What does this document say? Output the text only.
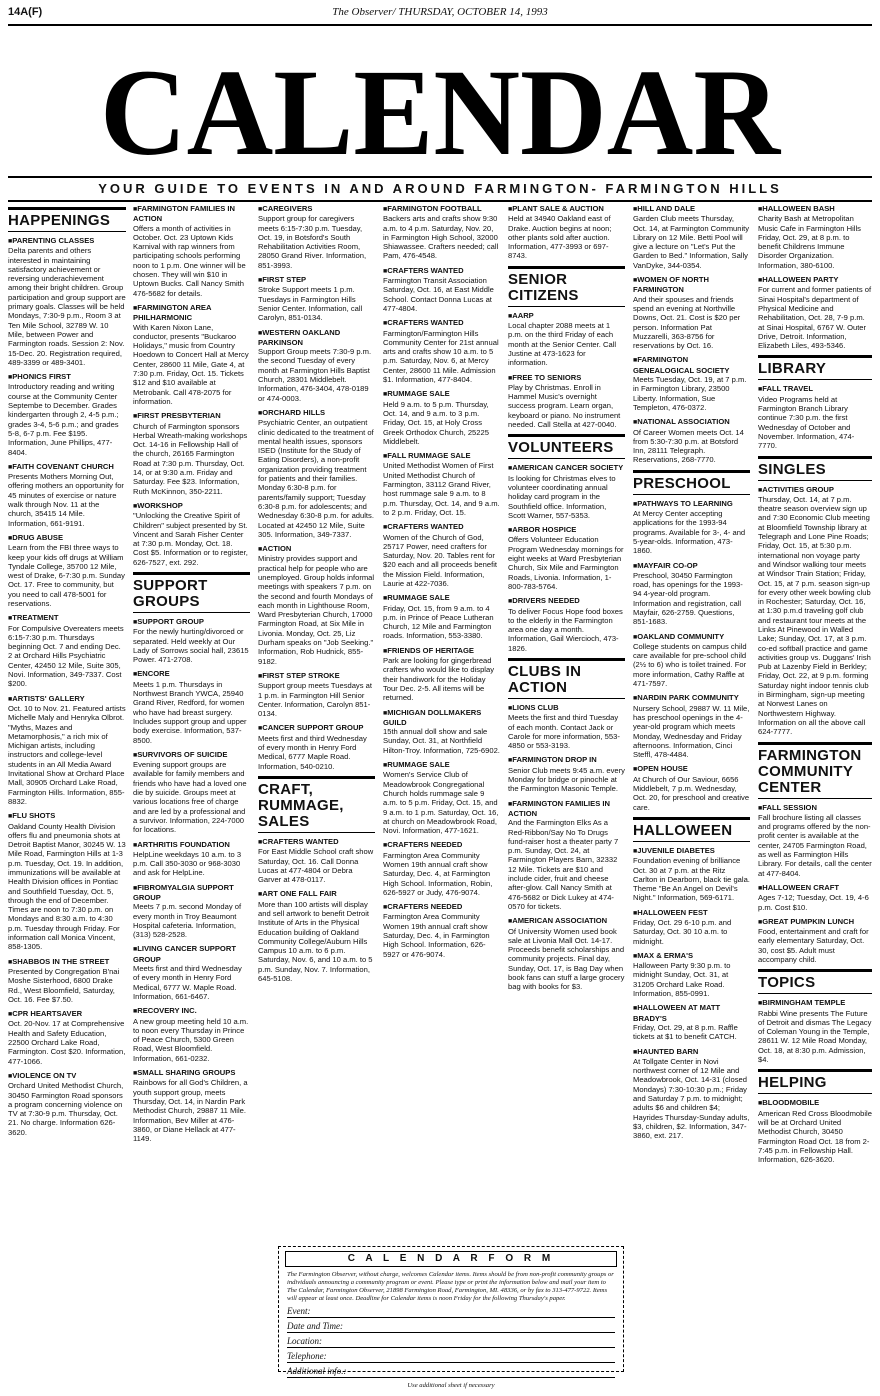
14A(F)	The Observer/ THURSDAY, OCTOBER 14, 1993
CALENDAR
YOUR GUIDE TO EVENTS IN AND AROUND FARMINGTON- FARMINGTON HILLS
HAPPENINGS
■ PARENTING CLASSES
Delta parents and others interested in maintaining satisfactory achievement or reversing underachievement among their bright children. Group participation and group support are primary goals. Classes will be held Mondays, 7:30-9 p.m., Room 3 at Ten Mile School, 32789 W. 10 Mile, between Power and Farmington roads. Session 2: Nov. 15-Dec. 20. Registration required, 489-3399 or 489-3401.
■ PHONICS FIRST
Introductory reading and writing course at the Community Center Septembe to December. Grades kindergarten through 2, 4-5 p.m.; grades 3-4, 5-6 p.m.; and grades 5-8, 6-7 p.m. Fee $195. Information, June Phillips, 477-8404.
■ FAITH COVENANT CHURCH
Presents Mothers Morning Out, offering mothers an opportunity for 45 minutes of exercise or nature walk through Nov. 11 at the church, 35415 14 Mile. Information, 661-9191.
■ DRUG ABUSE
Learn from the FBI three ways to keep your kids off drugs at William Tyndale College, 35700 12 Mile, west of Drake, 6-7:30 p.m. Sunday Oct. 17. Free to community, but you need to call 478-5001 for reservations.
■ TREATMENT
For Compulsive Overeaters meets 6:15-7:30 p.m. Thursdays beginning Oct. 7 and ending Dec. 2 at Orchard Hills Psychiatric Center, 42450 12 Mile, Suite 305, Novi. Information, 349-7337. Cost $200.
■ ARTISTS' GALLERY
Oct. 10 to Nov. 21. Featured artists Michelle Maly and Henryka Olbrot. "Myths, Mazes and Metamorphosis," a rich mix of Michigan artists, including instructors and college-level students in an All Media Award Invitational Show at Orchard Place Mall, 30905 Orchard Lake Road, Farmington Hills. Information, 855-8832.
■ FLU SHOTS
Oakland County Health Division offers flu and pneumonia shots at Detroit Baptist Manor, 30245 W. 13 Mile Road, Farmington Hills at 1-3 p.m. Tuesday, Oct. 19. In addition, immunizations will be available at Health Division offices in Pontiac and Southfield Tuesday, Oct. 5, through the end of December. Times are noon to 7:30 p.m. on Mondays and 8:30 a.m. to 4:30 p.m. Tuesday through Friday. For information call Monica Vincent, 858-1305.
■ SHABBOS IN THE STREET
Presented by Congregation B'nai Moshe Sisterhood, 6800 Drake Rd., West Bloomfield, Saturday, Oct. 16. Fee $7.50.
■ CPR HEARTSAVER
Oct. 20-Nov. 17 at Comprehensive Health and Safety Education, 22500 Orchard Lake Road, Farmington. Cost $20. Information, 477-1066.
■ VIOLENCE ON TV
Orchard United Methodist Church, 30450 Farmington Road sponsors a program concerning violence on TV at 7:30-9 p.m. Thursday, Oct. 21. No charge. Information 626-3620.
■ FARMINGTON FAMILIES IN ACTION
Offers a month of activities in October. Oct. 23 Uptown Kids Karnival with rap winners from participating schools performing noon to 1 p.m. One winner will be chosen. They will win $10 in Uptown Bucks. Call Nancy Smith 476-5682 for details.
■ FARMINGTON AREA PHILHARMONIC
With Karen Nixon Lane, conductor, presents "Buckaroo Holidays," music from Country Hoedown to Concert Hall at Mercy Center, 28600 11 Mile, Gate 4, at 7:30 p.m. Friday, Oct. 15. Tickets $12 and $10 available at Metrobank. Call 478-2075 for information.
■ FIRST PRESBYTERIAN
Church of Farmington sponsors Herbal Wreath-making workshops Oct. 14-16 in Fellowship Hall of the church, 26165 Farmington Road at 7:30 p.m. Thursday, Oct. 14, or at 9:30 a.m. Friday and Saturday. Fee $23. Information, Ruth McKinnon, 350-2211.
■ WORKSHOP
"Unlocking the Creative Spirit of Children" subject presented by St. Vincent and Sarah Fisher Center at 7:30 p.m. Monday, Oct. 18. Cost $5. Information or to register, 626-7527, ext. 292.
SUPPORT GROUPS
■ SUPPORT GROUP
For the newly hurting/divorced or separated. Held weekly at Our Lady of Sorrows social hall, 23615 Power. 471-2708.
■ ENCORE
Meets 1 p.m. Thursdays in Northwest Branch YWCA, 25940 Grand River, Redford, for women who have had breast surgery. Includes support group and upper body exercise. Information, 537-8500.
■ SURVIVORS OF SUICIDE
Evening support groups are available for family members and friends who have had a loved one die by suicide. Groups meet at various locations free of charge and are led by a professional and a survivor. Information, 224-7000 for locations.
■ ARTHRITIS FOUNDATION
HelpLine weekdays 10 a.m. to 3 p.m. Call 350-3030 or 968-3030 and ask for HelpLine.
■ FIBROMYALGIA SUPPORT GROUP
Meets 7 p.m. second Monday of every month in Troy Beaumont Hospital cafeteria. Information, (313) 528-2528.
■ LIVING CANCER SUPPORT GROUP
Meets first and third Wednesday of every month in Henry Ford Medical, 6777 W. Maple Road. Information, 661-6467.
■ RECOVERY INC.
A new group meeting held 10 a.m. to noon every Thursday in Prince of Peace Church, 5300 Green Road, West Bloomfield. Information, 661-0232.
■ SMALL SHARING GROUPS
Rainbows for all God's Children, a youth support group, meets Thursday, Oct. 14, in Nardin Park Methodist Church, 29887 11 Mile. Information, Bev Miller at 476-3860, or Diane Hellack at 477-1149.
■ CAREGIVERS
Support group for caregivers meets 6:15-7:30 p.m. Tuesday, Oct. 19, in Botsford's South Rehabilitation Activities Room, 28050 Grand River. Information, 851-3993.
■ FIRST STEP
Stroke Support meets 1 p.m. Tuesdays in Farmington Hills Senior Center. Information, call Carolyn, 851-0134.
■ WESTERN OAKLAND PARKINSON
Support Group meets 7:30-9 p.m. the second Tuesday of every month at Farmington Hills Baptist Church, 28301 Middlebelt. Information, 476-3404, 478-0189 or 474-0003.
■ ORCHARD HILLS
Psychiatric Center, an outpatient clinic dedicated to the treatment of mental health issues, sponsors ISED (Institute for the Study of Eating Disorders), a non-profit organization providing treatment for patients and their families. Monday 6:30-8 p.m. for parents/family support; Tuesday 6:30-8 p.m. for adolescents; and Wednesday 6:30-8 p.m. for adults. Located at 42450 12 Mile, Suite 305. Information, 349-7337.
■ ACTION
Ministry provides support and practical help for people who are unemployed. Group holds informal meetings with speakers 7 p.m. on the second and fourth Mondays of each month in Lighthouse Room, Ward Presbyterian Church, 17000 Farmington Road, at Six Mile in Livonia. Monday, Oct. 25, Liz Durham speaks on "Job Seeking." Information, Rob Hudnick, 855-9182.
■ FIRST STEP STROKE
Support group meets Tuesdays at 1 p.m. in Farmington Hill Senior Center. Information, Carolyn 851-0134.
■ CANCER SUPPORT GROUP
Meets first and third Wednesday of every month in Henry Ford Medical, 6777 Maple Road. Information, 540-0210.
CRAFT, RUMMAGE, SALES
■ CRAFTERS WANTED
For East Middle School craft show Saturday, Oct. 16. Call Donna Lucas at 477-4804 or Debra Garver at 478-0117.
■ ART ONE FALL FAIR
More than 100 artists will display and sell artwork to benefit Detroit Institute of Arts in the Physical Education building of Oakland Community College/Auburn Hills Campus 10 a.m. to 6 p.m. Saturday, Nov. 6, and 10 a.m. to 5 p.m. Sunday, Nov. 7. Information, 645-5108.
■ FARMINGTON FOOTBALL
Backers arts and crafts show 9:30 a.m. to 4 p.m. Saturday, Nov. 20, in Farmington High School, 32000 Shiawassee. Crafters needed; call Pam, 476-4548.
■ CRAFTERS WANTED
Farmington Transit Association Saturday, Oct. 16, at East Middle School. Contact Donna Lucas at 477-4804.
■ CRAFTERS WANTED
Farmington/Farmington Hills Community Center for 21st annual arts and crafts show 10 a.m. to 5 p.m. Saturday, Nov. 6, at Mercy Center, 28600 11 Mile. Admission $1. Information, 477-8404.
■ RUMMAGE SALE
Held 9 a.m. to 5 p.m. Thursday, Oct. 14, and 9 a.m. to 3 p.m. Friday, Oct. 15, at Holy Cross Greek Orthodox Church, 25225 Middlebelt.
■ FALL RUMMAGE SALE
United Methodist Women of First United Methodist Church of Farmington, 33112 Grand River, host rummage sale 9 a.m. to 8 p.m. Thursday, Oct. 14, and 9 a.m. to 2 p.m. Friday, Oct. 15.
■ CRAFTERS WANTED
Women of the Church of God, 25717 Power, need crafters for Saturday, Nov. 20. Tables rent for $20 each and all proceeds benefit the Mission Field. Information, Laurie at 422-7036.
■ RUMMAGE SALE
Friday, Oct. 15, from 9 a.m. to 4 p.m. in Prince of Peace Lutheran Church, 12 Mile and Farmington roads. Information, 553-3380.
■ FRIENDS OF HERITAGE
Park are looking for gingerbread crafters who would like to display their handiwork for the Holiday Tour Dec. 2-5. All items will be returned.
■ MICHIGAN DOLLMAKERS GUILD
15th annual doll show and sale Sunday, Oct. 31, at Northfield Hilton-Troy. Information, 725-6902.
■ RUMMAGE SALE
Women's Service Club of Meadowbrook Congregational Church holds rummage sale 9 a.m. to 5 p.m. Friday, Oct. 15, and 9 a.m. to 1 p.m. Saturday, Oct. 16, at church on Meadowbrook Road, Novi. Information, 477-1621.
■ CRAFTERS NEEDED
Farmington Area Community Women 19th annual craft show Saturday, Dec. 4, at Farmington High School. Information, Robin, 626-5927 or Judy, 476-9074.
■ CRAFTERS NEEDED
Farmington Area Community Women 19th annual craft show Saturday, Dec. 4, in Farmington High School. Information, 626-5927 or 476-9074.
■ PLANT SALE & AUCTION
Held at 34940 Oakland east of Drake. Auction begins at noon; other plants sold after auction. Information, 477-3993 or 697-8743.
SENIOR CITIZENS
■ AARP
Local chapter 2088 meets at 1 p.m. on the third Friday of each month at the Senior Center. Call Justine at 473-1623 for information.
■ FREE TO SENIORS
Play by Christmas. Enroll in Hammel Music's overnight success program. Learn organ, keyboard or piano. No instrument needed. Call Stella at 427-0040.
VOLUNTEERS
■ AMERICAN CANCER SOCIETY
Is looking for Christmas elves to volunteer coordinating annual holiday card program in the Southfield office. Information, Scott Warner, 557-5353.
■ ARBOR HOSPICE
Offers Volunteer Education Program Wednesday mornings for eight weeks at Ward Presbyterian Church, Six Mile and Farmington Roads, Livonia. Information, 1-800-783-5764.
■ DRIVERS NEEDED
To deliver Focus Hope food boxes to the elderly in the Farmington area one day a month. Information, Gail Wiercioch, 473-1826.
CLUBS IN ACTION
■ LIONS CLUB
Meets the first and third Tuesday of each month. Contact Jack or Carole for more information, 553-4850 or 553-3193.
■ FARMINGTON DROP IN
Senior Club meets 9:45 a.m. every Monday for bridge or pinochle at the Farmington Masonic Temple.
■ FARMINGTON FAMILIES IN ACTION
And the Farmington Elks As a Red-Ribbon/Say No To Drugs fund-raiser host a theater party 7 p.m. Sunday, Oct. 24, at Farmington Players Barn, 32332 12 Mile. Tickets are $10 and include cider, fruit and cheese after-glow. Call Nancy Smith at 476-5682 or Dick Lukey at 474-0570 for tickets.
■ AMERICAN ASSOCIATION
Of University Women used book sale at Livonia Mall Oct. 14-17. Proceeds benefit scholarships and community projects. Final day, Sunday, Oct. 17, is Bag Day when book fans can stuff a large grocery bag with books for $3.
■ HILL AND DALE
Garden Club meets Thursday, Oct. 14, at Farmington Community Library on 12 Mile. Betti Pool will give a lecture on "Let's Put the Garden to Bed." Information, Sally VanDyke, 344-0354.
■ WOMEN OF NORTH FARMINGTON
And their spouses and friends spend an evening at Northville Downs, Oct. 21. Cost is $20 per person. Information Pat Muzzarelli, 363-8756 for reservations by Oct. 16.
■ FARMINGTON GENEALOGICAL SOCIETY
Meets Tuesday, Oct. 19, at 7 p.m. in Farmington Library, 23500 Liberty. Information, Sue Templeton, 476-0372.
■ NATIONAL ASSOCIATION
Of Career Women meets Oct. 14 from 5:30-7:30 p.m. at Botsford Inn, 28111 Telegraph. Reservations, 268-7770.
PRESCHOOL
■ PATHWAYS TO LEARNING
At Mercy Center accepting applications for the 1993-94 programs. Available for 3-, 4- and 5-year-olds. Information, 473-1860.
■ MAYFAIR CO-OP
Preschool, 30450 Farmington road, has openings for the 1993-94 4-year-old program. Information and registration, call Mayfair, 626-2759. Questions, 851-1683.
■ OAKLAND COMMUNITY
College students on campus child care available for pre-school child (2½ to 6) who is toilet trained. For more information, Cathy Raffle at 471-7597.
■ NARDIN PARK COMMUNITY
Nursery School, 29887 W. 11 Mile, has preschool openings in the 4-year-old program which meets Monday, Wednesday and Friday afternoons. Information, Cinci Steffl, 478-4484.
■ OPEN HOUSE
At Church of Our Saviour, 6656 Middlebelt, 7 p.m. Wednesday, Oct. 20, for preschool and creative care.
HALLOWEEN
■ JUVENILE DIABETES
Foundation evening of brilliance Oct. 30 at 7 p.m. at the Ritz Carlton in Dearborn, black tie gala. Theme "Be An Angel on Devil's Night." Information, 569-6171.
■ HALLOWEEN FEST
Friday, Oct. 29 6-10 p.m. and Saturday, Oct. 30 10 a.m. to midnight.
■ MAX & ERMA'S
Halloween Party 9:30 p.m. to midnight Sunday, Oct. 31, at 31205 Orchard Lake Road. Information, 855-0991.
■ HALLOWEEN AT MATT BRADY'S
Friday, Oct. 29, at 8 p.m. Raffle tickets at $1 to benefit CATCH.
■ HAUNTED BARN
At Tollgate Center in Novi northwest corner of 12 Mile and Meadowbrook, Oct. 14-31 (closed Mondays) 7:30-10:30 p.m.; Friday and Saturday 7 p.m. to midnight; adults $6 and children $4; Hayrides Thursday-Sunday adults, $3, children, $2. Information, 347-3860, ext. 217.
■ HALLOWEEN BASH
Charity Bash at Metropolitan Music Cafe in Farmington Hills Friday, Oct. 29, at 8 p.m. to benefit Childrens Immune Disorder Organization. Information, 380-6100.
■ HALLOWEEN PARTY
For current and former patients of Sinai Hospital's department of Physical Medicine and Rehabilitation, Oct. 28, 7-9 p.m. at Sinai Hospital, 6767 W. Outer Drive, Detroit. Information, Elizabeth Liles, 493-5346.
LIBRARY
■ FALL TRAVEL
Video Programs held at Farmington Branch Library continue 7:30 p.m. the first Wednesday of October and November. Information, 474-7770.
SINGLES
■ ACTIVITIES GROUP
Thursday, Oct. 14, at 7 p.m. theatre season overview sign up and 7:30 Economic Club meeting at Bloomfield Township library at Telegraph and Lone Pine Roads; Friday, Oct. 15, at 5:30 p.m. international non voyage party and Windsor walking tour meets at Windsor Train Station; Friday, Oct. 15, at 7 p.m. season sign-up for every other week bowling club in Rochester; Saturday, Oct. 16, at 1:30 p.m.d traveling golf club and restaurant tour meets at the Links At Pinewood in Walled Lake; Sunday, Oct. 17, at 3 p.m. co-ed softball practice and game activities group vs. Duggans' Irish Pub at Lazenby Field in Berkley; Friday, Oct. 22, at 9 p.m. forming Saturday night indoor tennis club in Birmingham, sign-up meeting at Norwest Lanes on Northwestern Highway. Information on all the above call 624-7777.
FARMINGTON COMMUNITY CENTER
■ FALL SESSION
Fall brochure listing all classes and programs offered by the non-profit center is available at the center, 24705 Farmington Road, as well as Farmington Hills Library. For details, call the center at 477-8404.
■ HALLOWEEN CRAFT
Ages 7-12; Tuesday, Oct. 19, 4-6 p.m. Cost $10.
■ GREAT PUMPKIN LUNCH
Food, entertainment and craft for early elementary Saturday, Oct. 30, cost $5. Adult must accompany child.
TOPICS
■ BIRMINGHAM TEMPLE
Rabbi Wine presents The Future of Detroit and dismas The Legacy of Coleman Young in the Temple, 28611 W. 12 Mile Road Monday, Oct. 18, at 8:30 p.m. Admission, $4.
HELPING
■ BLOODMOBILE
American Red Cross Bloodmobile will be at Orchard United Methodist Church, 30450 Farmington Road Oct. 18 from 2-7:45 p.m. in Fellowship Hall. Information, 626-3620.
C A L E N D A R F O R M
The Farmington Observer, without charge, welcomes Calendar items. Items should be from non-profit community groups or individuals announcing a community program or event. Please type or print the information below and mail your item to The Calendar, Farmington Observer, 21898 Farmington Road, Farmington, MI. 48336, or by fax to 313-477-9722. Items will appear at least once. Deadline for Calendar items is noon Friday for the following Thursday's paper.
Event:
Date and Time:
Location:
Telephone:
Additional info.:
Use additional sheet if necessary
